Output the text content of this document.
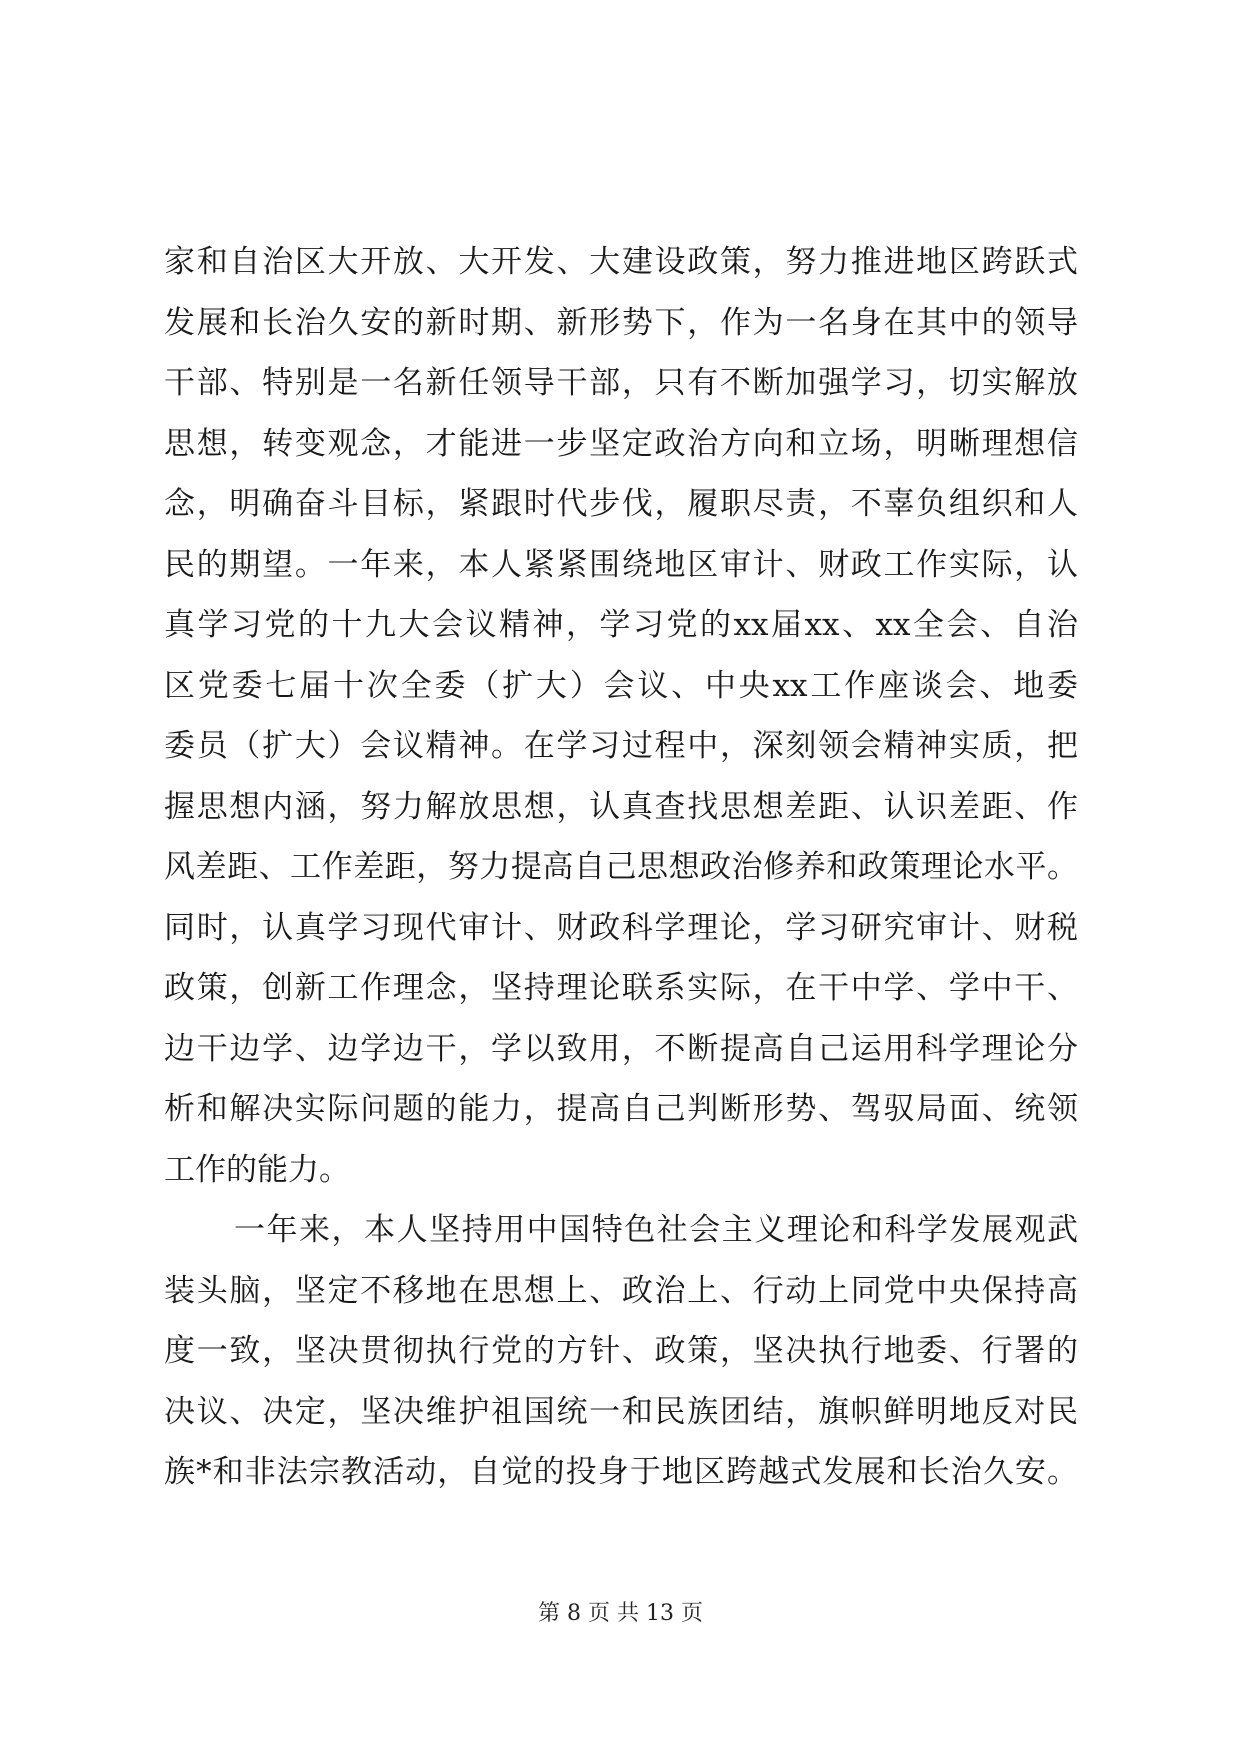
家和自治区大开放、大开发、大建设政策，努力推进地区跨跃式
发展和长治久安的新时期、新形势下，作为一名身在其中的领导
干部、特别是一名新任领导干部，只有不断加强学习，切实解放
思想，转变观念，才能进一步坚定政治方向和立场，明晰理想信
念，明确奋斗目标，紧跟时代步伐，履职尽责，不辜负组织和人
民的期望。一年来，本人紧紧围绕地区审计、财政工作实际，认
真学习党的十九大会议精神，学习党的xx届xx、xx全会、自治
区党委七届十次全委（扩大）会议、中央xx工作座谈会、地委
委员（扩大）会议精神。在学习过程中，深刻领会精神实质，把
握思想内涵，努力解放思想，认真查找思想差距、认识差距、作
风差距、工作差距，努力提高自己思想政治修养和政策理论水平。
同时，认真学习现代审计、财政科学理论，学习研究审计、财税
政策，创新工作理念，坚持理论联系实际，在干中学、学中干、
边干边学、边学边干，学以致用，不断提高自己运用科学理论分
析和解决实际问题的能力，提高自己判断形势、驾驭局面、统领
工作的能力。
一年来，本人坚持用中国特色社会主义理论和科学发展观武
装头脑，坚定不移地在思想上、政治上、行动上同党中央保持高
度一致，坚决贯彻执行党的方针、政策，坚决执行地委、行署的
决议、决定，坚决维护祖国统一和民族团结，旗帜鲜明地反对民
族*和非法宗教活动，自觉的投身于地区跨越式发展和长治久安。
第 8 页 共 13 页
